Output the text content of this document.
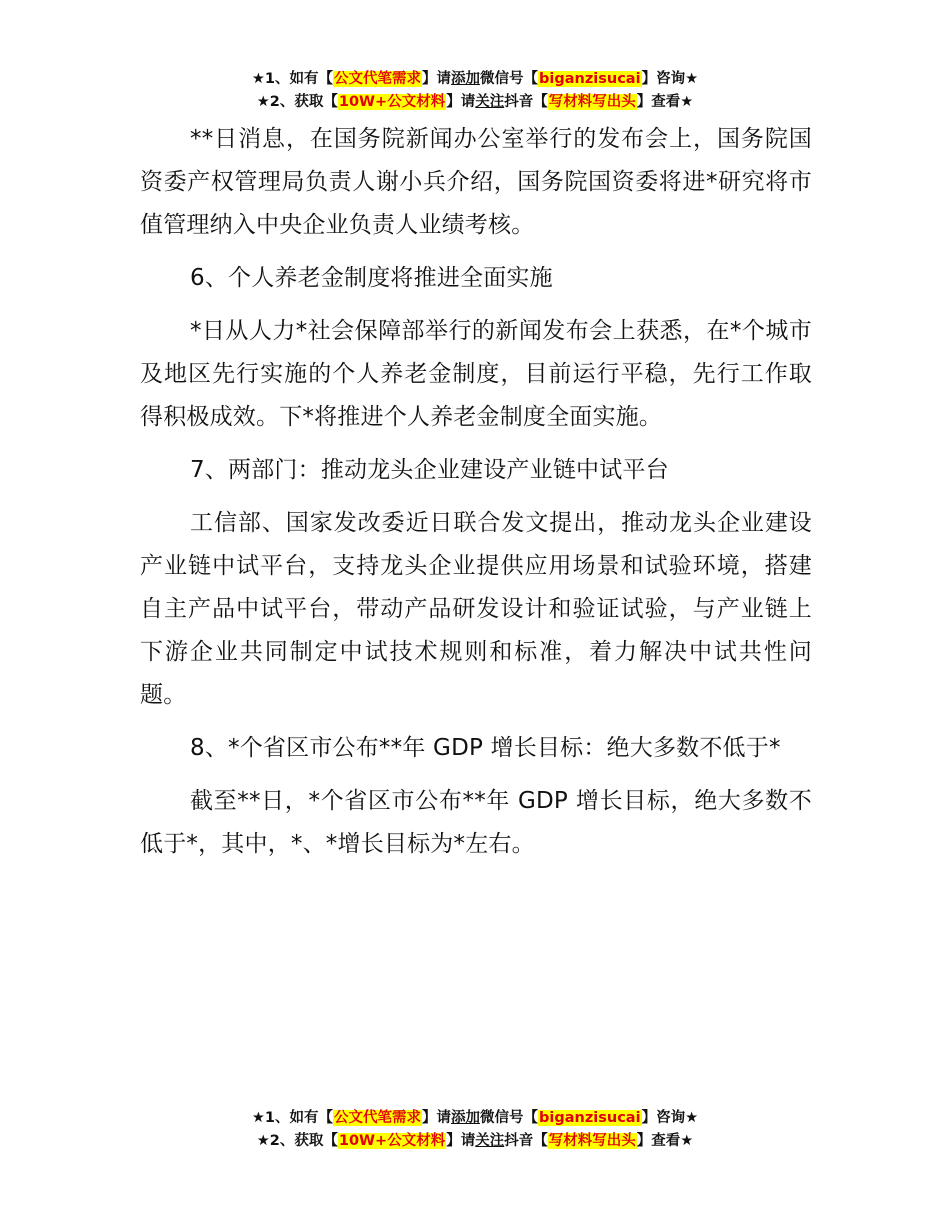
★1、如有【公文代笔需求】请添加微信号【biganzisucai】咨询★
★2、获取【10W+公文材料】请关注抖音【写材料写出头】查看★

**日消息，在国务院新闻办公室举行的发布会上，国务院国资委产权管理局负责人谢小兵介绍，国务院国资委将进*研究将市值管理纳入中央企业负责人业绩考核。

6、个人养老金制度将推进全面实施

*日从人力*社会保障部举行的新闻发布会上获悉，在*个城市及地区先行实施的个人养老金制度，目前运行平稳，先行工作取得积极成效。下*将推进个人养老金制度全面实施。

7、两部门：推动龙头企业建设产业链中试平台

工信部、国家发改委近日联合发文提出，推动龙头企业建设产业链中试平台，支持龙头企业提供应用场景和试验环境，搭建自主产品中试平台，带动产品研发设计和验证试验，与产业链上下游企业共同制定中试技术规则和标准，着力解决中试共性问题。

8、*个省区市公布**年 GDP 增长目标：绝大多数不低于*

截至**日，*个省区市公布**年 GDP 增长目标，绝大多数不低于*，其中，*、*增长目标为*左右。

★1、如有【公文代笔需求】请添加微信号【biganzisucai】咨询★
★2、获取【10W+公文材料】请关注抖音【写材料写出头】查看★
